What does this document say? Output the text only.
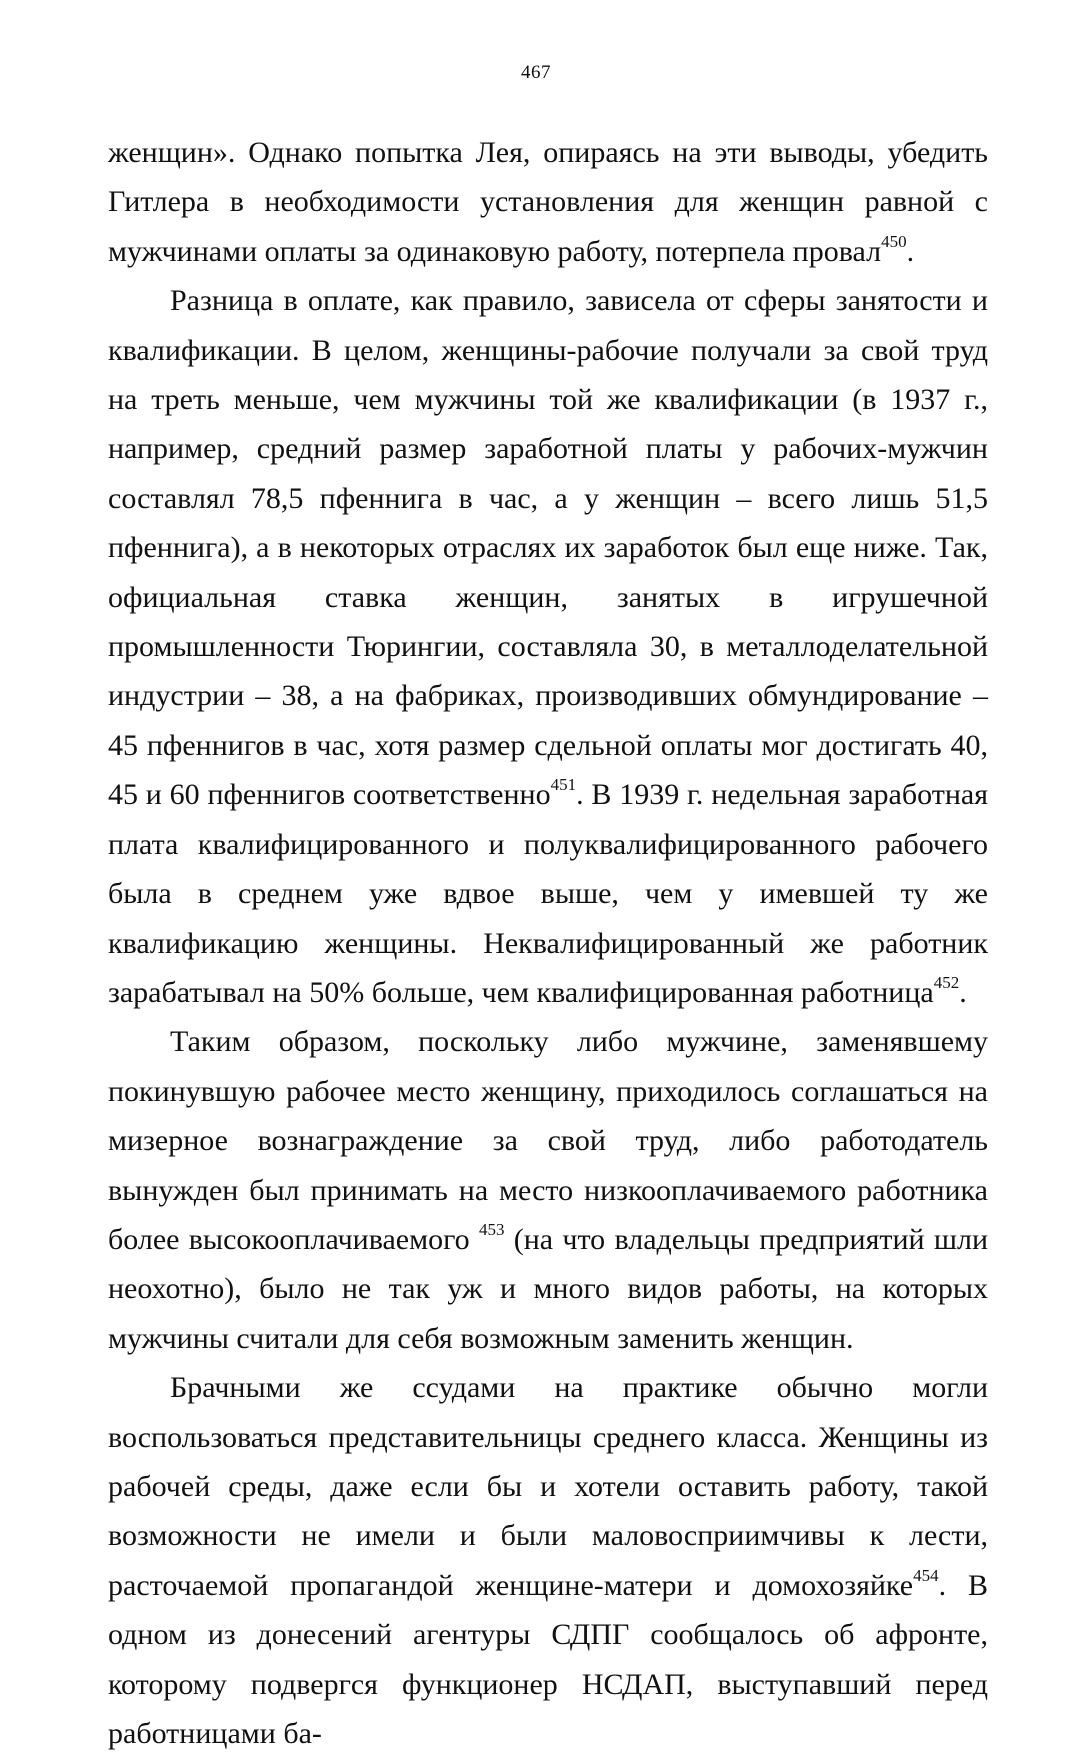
467

женщин». Однако попытка Лея, опираясь на эти выводы, убедить Гитлера в необходимости установления для женщин равной с мужчинами оплаты за одинаковую работу, потерпела провал$^{450}$.

Разница в оплате, как правило, зависела от сферы занятости и квалификации. В целом, женщины-рабочие получали за свой труд на треть меньше, чем мужчины той же квалификации (в 1937 г., например, средний размер заработной платы у рабочих-мужчин составлял 78,5 пфеннига в час, а у женщин – всего лишь 51,5 пфеннига), а в некоторых отраслях их заработок был еще ниже. Так, официальная ставка женщин, занятых в игрушечной промышленности Тюрингии, составляла 30, в металлоделательной индустрии – 38, а на фабриках, производивших обмундирование – 45 пфеннигов в час, хотя размер сдельной оплаты мог достигать 40, 45 и 60 пфеннигов соответственно$^{451}$. В 1939 г. недельная заработная плата квалифицированного и полуквалифицированного рабочего была в среднем уже вдвое выше, чем у имевшей ту же квалификацию женщины. Неквалифицированный же работник зарабатывал на 50% больше, чем квалифицированная работница$^{452}$.

Таким образом, поскольку либо мужчине, заменявшему покинувшую рабочее место женщину, приходилось соглашаться на мизерное вознаграждение за свой труд, либо работодатель вынужден был принимать на место низкооплачиваемого работника более высокооплачиваемого $^{453}$ (на что владельцы предприятий шли неохотно), было не так уж и много видов работы, на которых мужчины считали для себя возможным заменить женщин.

Брачными же ссудами на практике обычно могли воспользоваться представительницы среднего класса. Женщины из рабочей среды, даже если бы и хотели оставить работу, такой возможности не имели и были маловосприимчивы к лести, расточаемой пропагандой женщине-матери и домохозяйке$^{454}$. В одном из донесений агентуры СДПГ сообщалось об афронте, которому подвергся функционер НСДАП, выступавший перед работницами ба-
